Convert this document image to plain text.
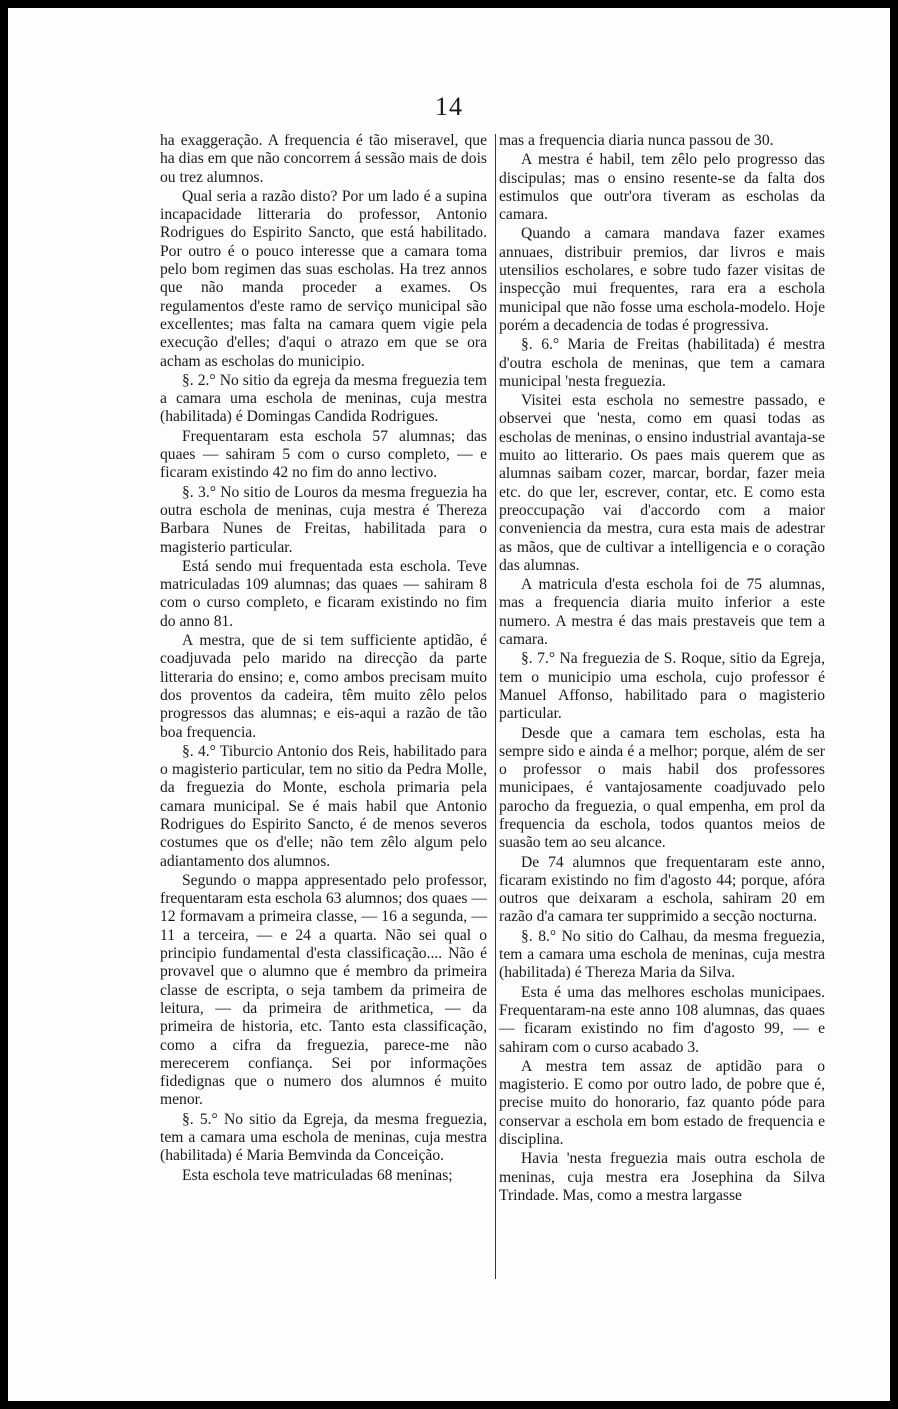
14

ha exaggeração. A frequencia é tão miseravel, que ha dias em que não concorrem á sessão mais de dois ou trez alumnos.

Qual seria a razão disto? Por um lado é a supina incapacidade litteraria do professor, Antonio Rodrigues do Espirito Sancto, que está habilitado. Por outro é o pouco interesse que a camara toma pelo bom regimen das suas escholas. Ha trez annos que não manda proceder a exames. Os regulamentos d'este ramo de serviço municipal são excellentes; mas falta na camara quem vigie pela execução d'elles; d'aqui o atrazo em que se ora acham as escholas do municipio.

§. 2.° No sitio da egreja da mesma freguezia tem a camara uma eschola de meninas, cuja mestra (habilitada) é Domingas Candida Rodrigues.

Frequentaram esta eschola 57 alumnas; das quaes — sahiram 5 com o curso completo, — e ficaram existindo 42 no fim do anno lectivo.

§. 3.° No sitio de Louros da mesma freguezia ha outra eschola de meninas, cuja mestra é Thereza Barbara Nunes de Freitas, habilitada para o magisterio particular.

Está sendo mui frequentada esta eschola. Teve matriculadas 109 alumnas; das quaes — sahiram 8 com o curso completo, e ficaram existindo no fim do anno 81.

A mestra, que de si tem sufficiente aptidão, é coadjuvada pelo marido na direcção da parte litteraria do ensino; e, como ambos precisam muito dos proventos da cadeira, têm muito zêlo pelos progressos das alumnas; e eis-aqui a razão de tão boa frequencia.

§. 4.° Tiburcio Antonio dos Reis, habilitado para o magisterio particular, tem no sitio da Pedra Molle, da freguezia do Monte, eschola primaria pela camara municipal. Se é mais habil que Antonio Rodrigues do Espirito Sancto, é de menos severos costumes que os d'elle; não tem zêlo algum pelo adiantamento dos alumnos.

Segundo o mappa appresentado pelo professor, frequentaram esta eschola 63 alumnos; dos quaes — 12 formavam a primeira classe, — 16 a segunda, — 11 a terceira, — e 24 a quarta. Não sei qual o principio fundamental d'esta classificação.... Não é provavel que o alumno que é membro da primeira classe de escripta, o seja tambem da primeira de leitura, — da primeira de arithmetica, — da primeira de historia, etc. Tanto esta classificação, como a cifra da freguezia, parece-me não merecerem confiança. Sei por informações fidedignas que o numero dos alumnos é muito menor.

§. 5.° No sitio da Egreja, da mesma freguezia, tem a camara uma eschola de meninas, cuja mestra (habilitada) é Maria Bemvinda da Conceição.

Esta eschola teve matriculadas 68 meninas;

mas a frequencia diaria nunca passou de 30.

A mestra é habil, tem zêlo pelo progresso das discipulas; mas o ensino resente-se da falta dos estimulos que outr'ora tiveram as escholas da camara.

Quando a camara mandava fazer exames annuaes, distribuir premios, dar livros e mais utensilios escholares, e sobre tudo fazer visitas de inspecção mui frequentes, rara era a eschola municipal que não fosse uma eschola-modelo. Hoje porém a decadencia de todas é progressiva.

§. 6.° Maria de Freitas (habilitada) é mestra d'outra eschola de meninas, que tem a camara municipal 'nesta freguezia.

Visitei esta eschola no semestre passado, e observei que 'nesta, como em quasi todas as escholas de meninas, o ensino industrial avantaja-se muito ao litterario. Os paes mais querem que as alumnas saibam cozer, marcar, bordar, fazer meia etc. do que ler, escrever, contar, etc. E como esta preoccupação vai d'accordo com a maior conveniencia da mestra, cura esta mais de adestrar as mãos, que de cultivar a intelligencia e o coração das alumnas.

A matricula d'esta eschola foi de 75 alumnas, mas a frequencia diaria muito inferior a este numero. A mestra é das mais prestaveis que tem a camara.

§. 7.° Na freguezia de S. Roque, sitio da Egreja, tem o municipio uma eschola, cujo professor é Manuel Affonso, habilitado para o magisterio particular.

Desde que a camara tem escholas, esta ha sempre sido e ainda é a melhor; porque, além de ser o professor o mais habil dos professores municipaes, é vantajosamente coadjuvado pelo parocho da freguezia, o qual empenha, em prol da frequencia da eschola, todos quantos meios de suasão tem ao seu alcance.

De 74 alumnos que frequentaram este anno, ficaram existindo no fim d'agosto 44; porque, afóra outros que deixaram a eschola, sahiram 20 em razão d'a camara ter supprimido a secção nocturna.

§. 8.° No sitio do Calhau, da mesma freguezia, tem a camara uma eschola de meninas, cuja mestra (habilitada) é Thereza Maria da Silva.

Esta é uma das melhores escholas municipaes. Frequentaram-na este anno 108 alumnas, das quaes — ficaram existindo no fim d'agosto 99, — e sahiram com o curso acabado 3.

A mestra tem assaz de aptidão para o magisterio. E como por outro lado, de pobre que é, precise muito do honorario, faz quanto póde para conservar a eschola em bom estado de frequencia e disciplina.

Havia 'nesta freguezia mais outra eschola de meninas, cuja mestra era Josephina da Silva Trindade. Mas, como a mestra largasse
